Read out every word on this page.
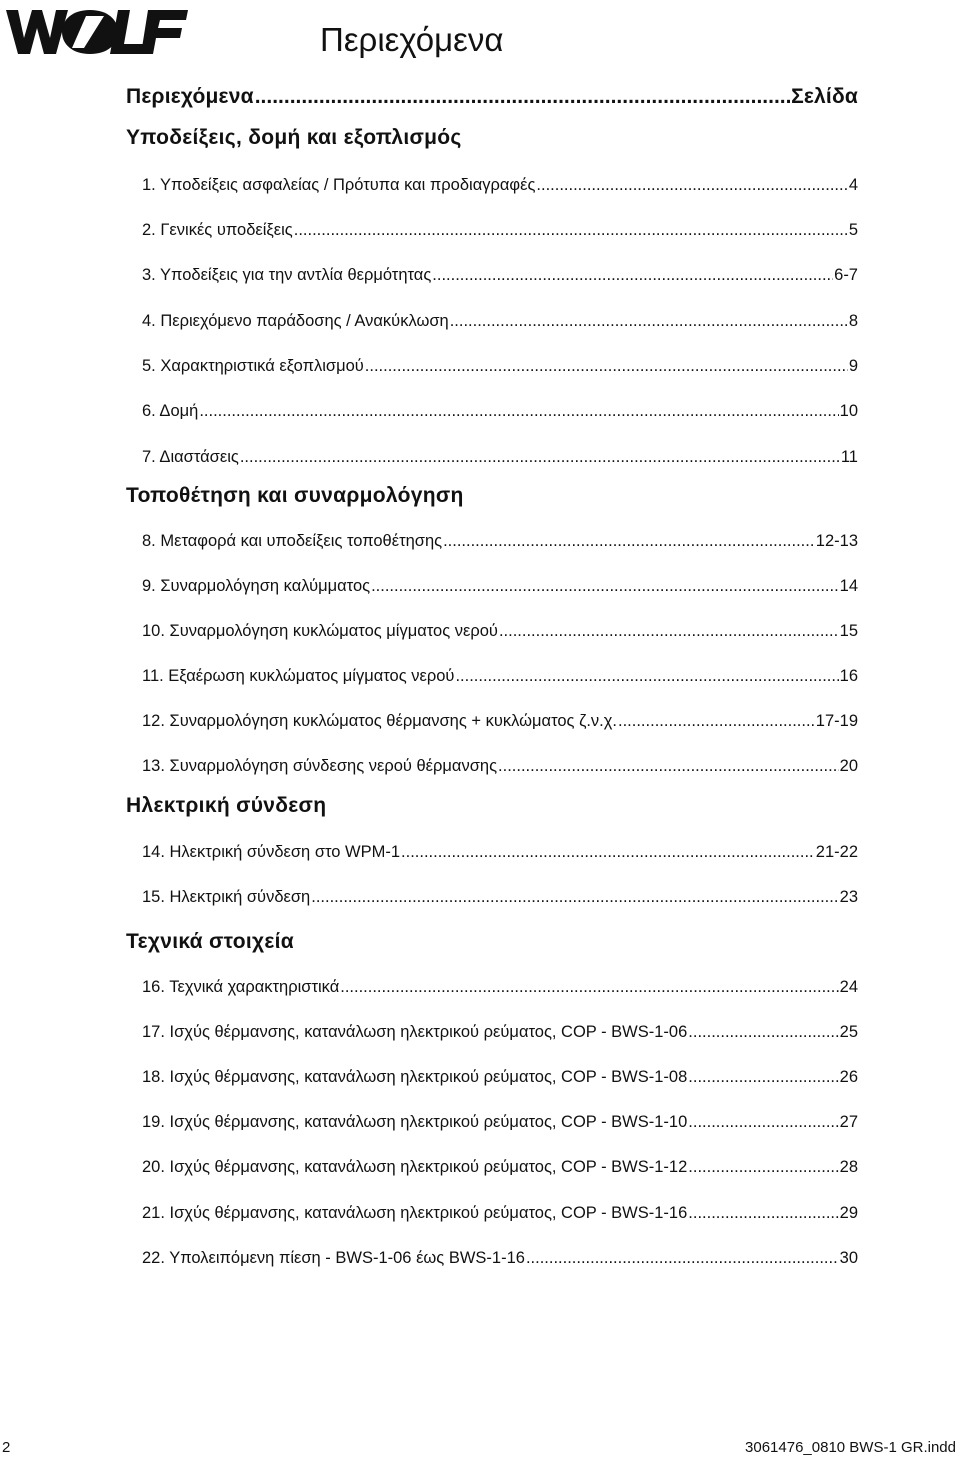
Περιεχόμενα
Περιεχόμενα .....	Σελίδα
Υποδείξεις, δομή και εξοπλισμός
1. Υποδείξεις ασφαλείας / Πρότυπα και προδιαγραφές .....	4
2. Γενικές υποδείξεις .....	5
3. Υποδείξεις για την αντλία θερμότητας .....	6-7
4. Περιεχόμενο παράδοσης / Ανακύκλωση .....	8
5. Χαρακτηριστικά εξοπλισμού .....	9
6. Δομή .....	10
7. Διαστάσεις .....	11
Τοποθέτηση και συναρμολόγηση
8. Μεταφορά και υποδείξεις τοποθέτησης .....	12-13
9. Συναρμολόγηση καλύμματος .....	14
10. Συναρμολόγηση κυκλώματος μίγματος νερού .....	15
11. Εξαέρωση κυκλώματος μίγματος νερού .....	16
12. Συναρμολόγηση κυκλώματος θέρμανσης + κυκλώματος ζ.ν.χ. .....	17-19
13. Συναρμολόγηση σύνδεσης νερού θέρμανσης .....	20
Ηλεκτρική σύνδεση
14. Ηλεκτρική σύνδεση στο WPM-1 .....	21-22
15. Ηλεκτρική σύνδεση .....	23
Τεχνικά στοιχεία
16. Τεχνικά χαρακτηριστικά .....	24
17. Ισχύς θέρμανσης, κατανάλωση ηλεκτρικού ρεύματος, COP - BWS-1-06 .....	25
18. Ισχύς θέρμανσης, κατανάλωση ηλεκτρικού ρεύματος, COP - BWS-1-08 .....	26
19. Ισχύς θέρμανσης, κατανάλωση ηλεκτρικού ρεύματος, COP - BWS-1-10 .....	27
20. Ισχύς θέρμανσης, κατανάλωση ηλεκτρικού ρεύματος, COP - BWS-1-12 .....	28
21. Ισχύς θέρμανσης, κατανάλωση ηλεκτρικού ρεύματος, COP - BWS-1-16 .....	29
22. Υπολειπόμενη πίεση - BWS-1-06 έως BWS-1-16 .....	30
2	3061476_0810 BWS-1 GR.indd
